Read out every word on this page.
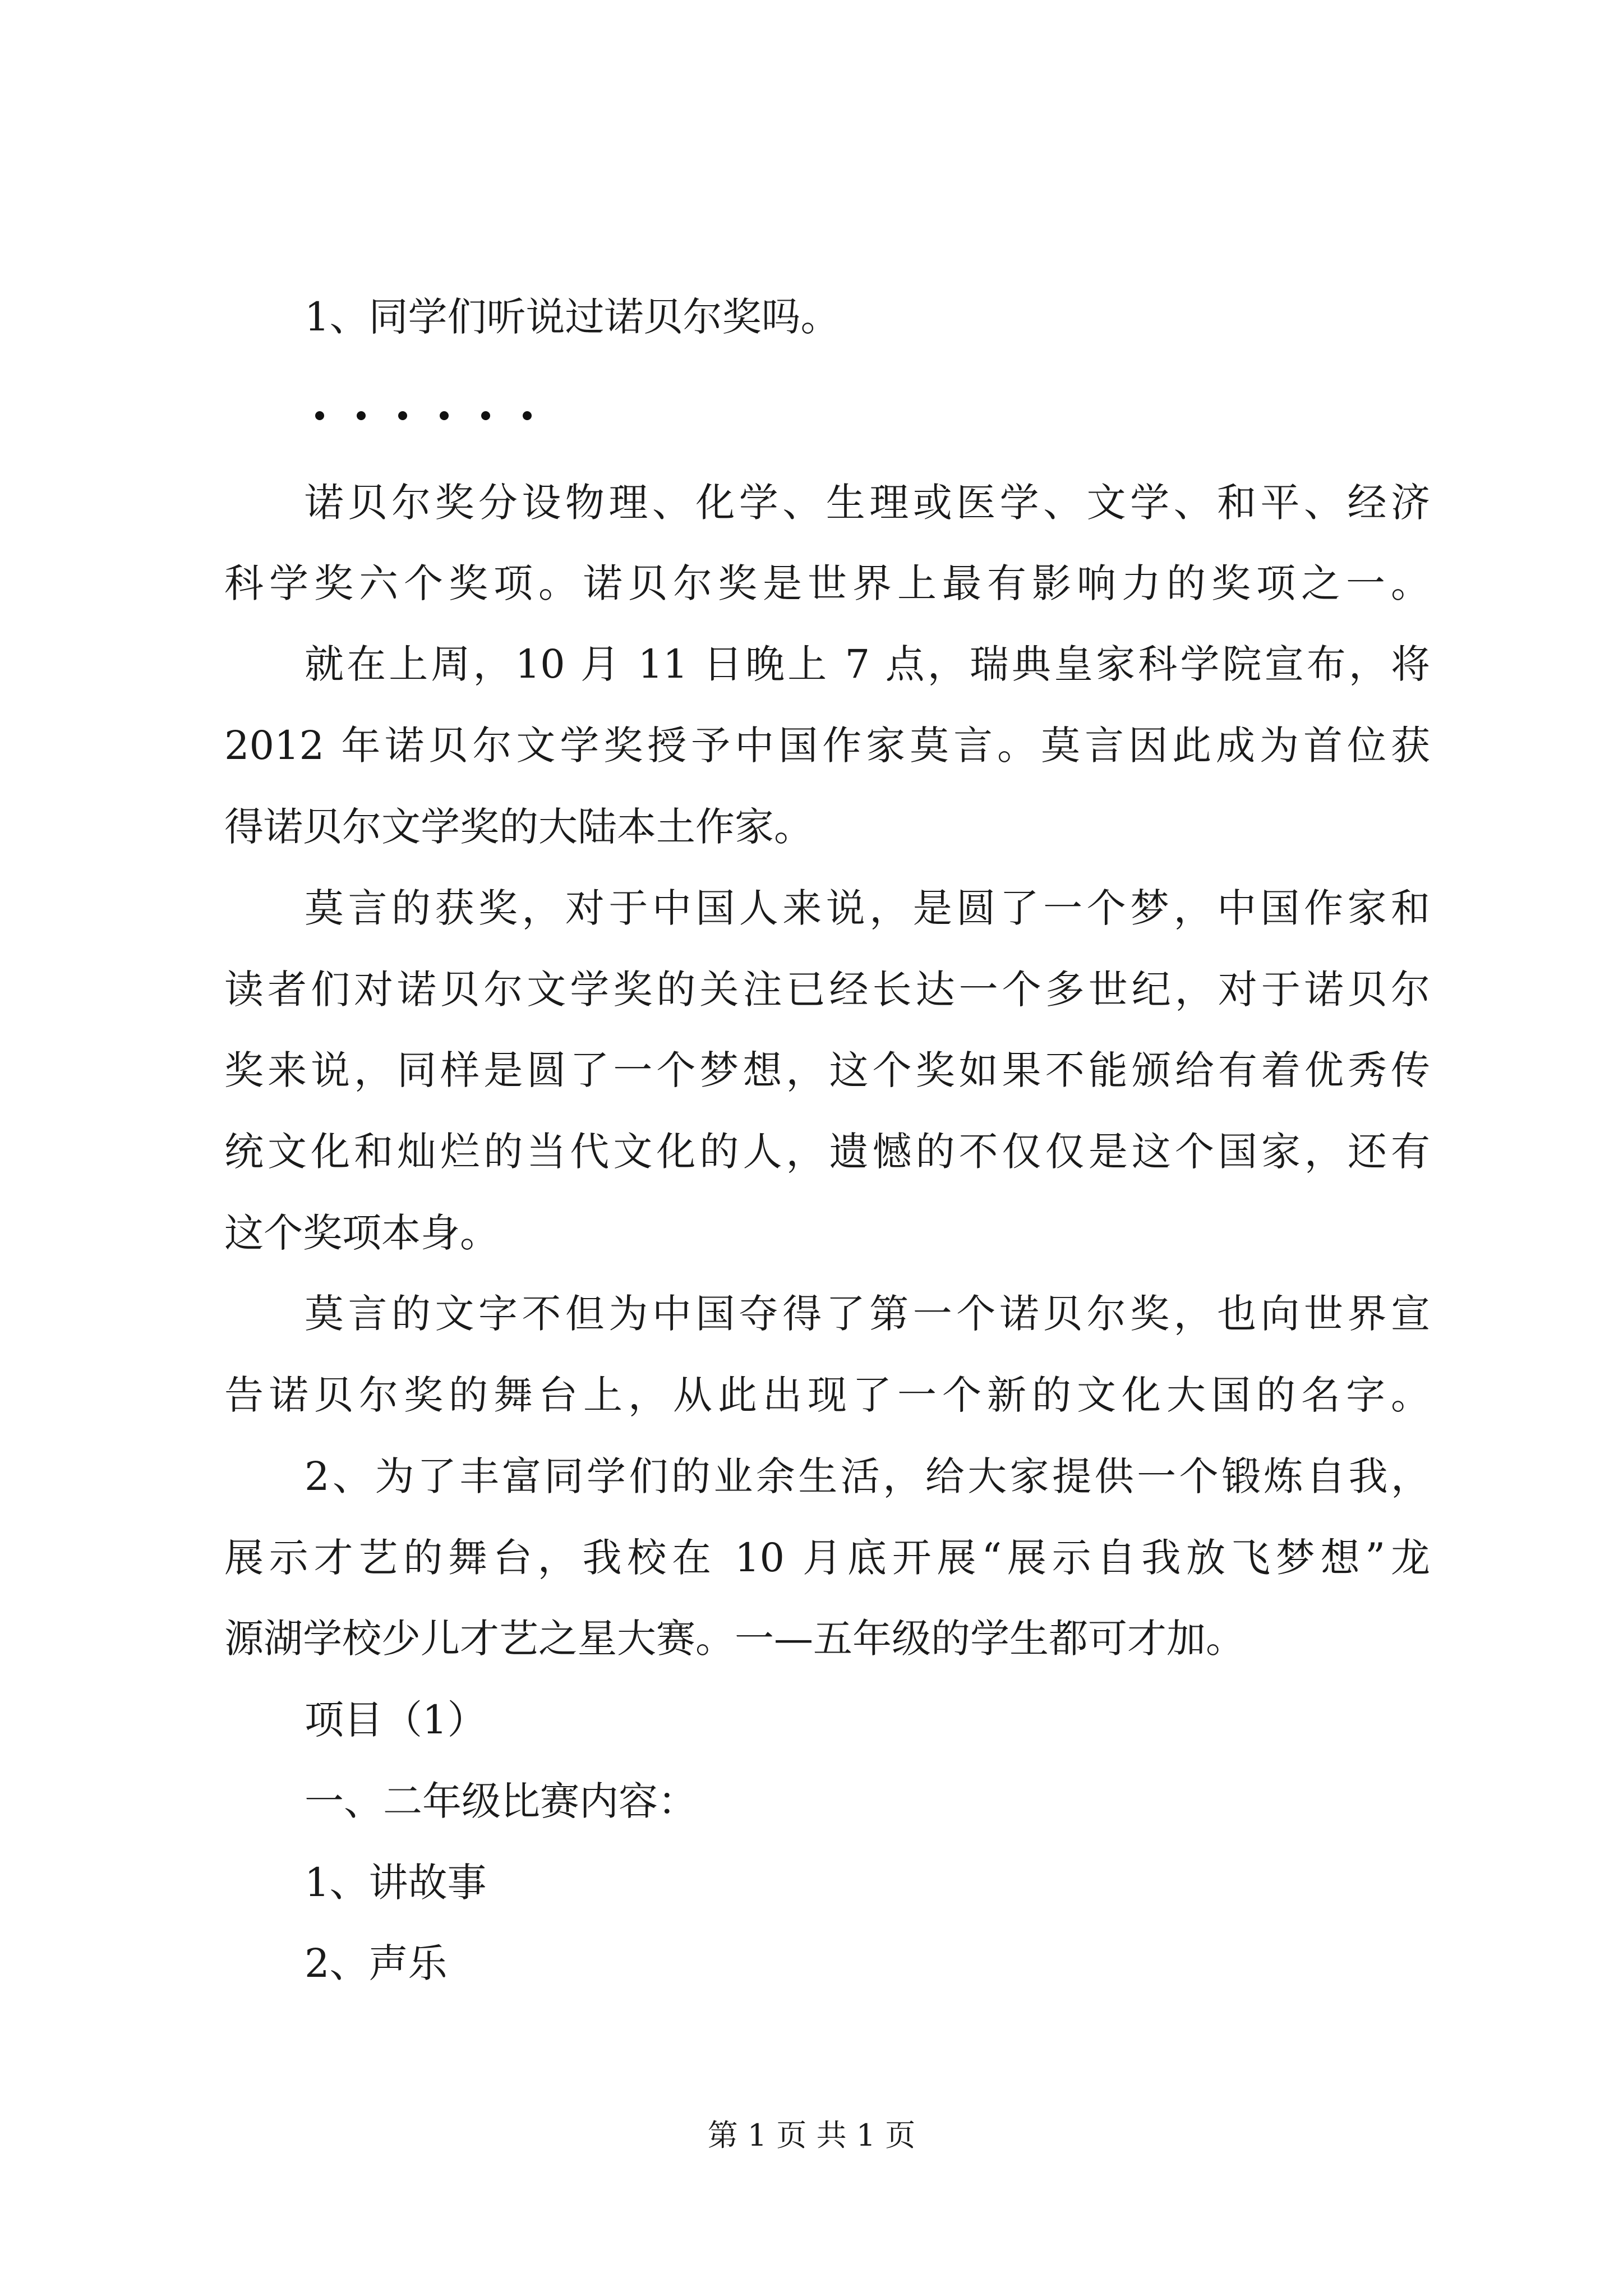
1、同学们听说过诺贝尔奖吗。
诺贝尔奖分设物理、化学、生理或医学、文学、和平、经济
科学奖六个奖项。诺贝尔奖是世界上最有影响力的奖项之一。
就在上周，10 月 11 日晚上 7 点，瑞典皇家科学院宣布，将
2012 年诺贝尔文学奖授予中国作家莫言。莫言因此成为首位获
得诺贝尔文学奖的大陆本土作家。
莫言的获奖，对于中国人来说，是圆了一个梦，中国作家和
读者们对诺贝尔文学奖的关注已经长达一个多世纪，对于诺贝尔
奖来说，同样是圆了一个梦想，这个奖如果不能颁给有着优秀传
统文化和灿烂的当代文化的人，遗憾的不仅仅是这个国家，还有
这个奖项本身。
莫言的文字不但为中国夺得了第一个诺贝尔奖，也向世界宣
告诺贝尔奖的舞台上，从此出现了一个新的文化大国的名字。
2、为了丰富同学们的业余生活，给大家提供一个锻炼自我，
展示才艺的舞台，我校在 10 月底开展“展示自我放飞梦想”龙
源湖学校少儿才艺之星大赛。一—五年级的学生都可才加。
项目（1）
一、二年级比赛内容：
1、讲故事
2、声乐
第 1 页 共 1 页
